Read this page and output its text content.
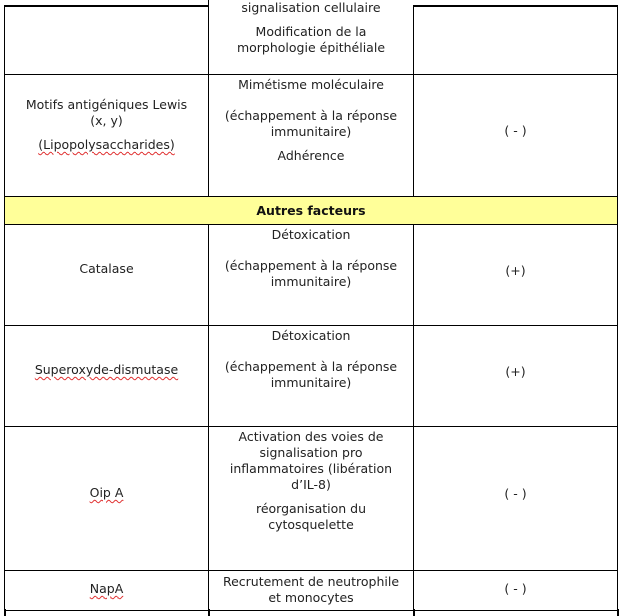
signalisation cellulaire

Modification de la morphologie épithéliale

Motifs antigéniques Lewis (x, y)

(Lipopolysaccharides)

Mimétisme moléculaire

(échappement à la réponse immunitaire)

Adhérence

( - )
Autres facteurs
Catalase

Détoxication

(échappement à la réponse immunitaire)

(+)
Superoxyde-dismutase

Détoxication

(échappement à la réponse immunitaire)

(+)
Oip A

Activation des voies de signalisation pro inflammatoires (libération d’IL-8)

réorganisation du cytosquelette

( - )
NapA	Recrutement de neutrophile et monocytes

( - )
